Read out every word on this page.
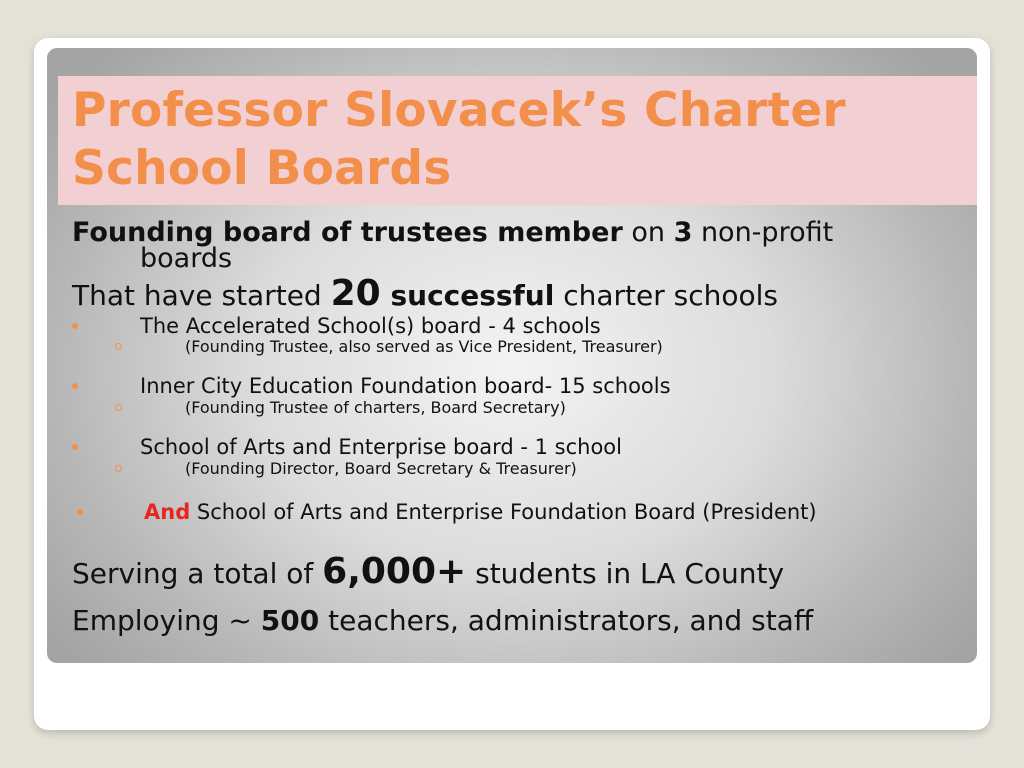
Professor Slovacek’s Charter
School Boards
Founding board of trustees member on 3 non-profit
boards
That have started 20 successful charter schools
The Accelerated School(s) board - 4 schools
(Founding Trustee, also served as Vice President, Treasurer)
Inner City Education Foundation board- 15 schools
(Founding Trustee of charters, Board Secretary)
School of Arts and Enterprise board - 1 school
(Founding Director, Board Secretary & Treasurer)
And School of Arts and Enterprise Foundation Board (President)
Serving a total of 6,000+ students in LA County
Employing ~ 500 teachers, administrators, and staff
